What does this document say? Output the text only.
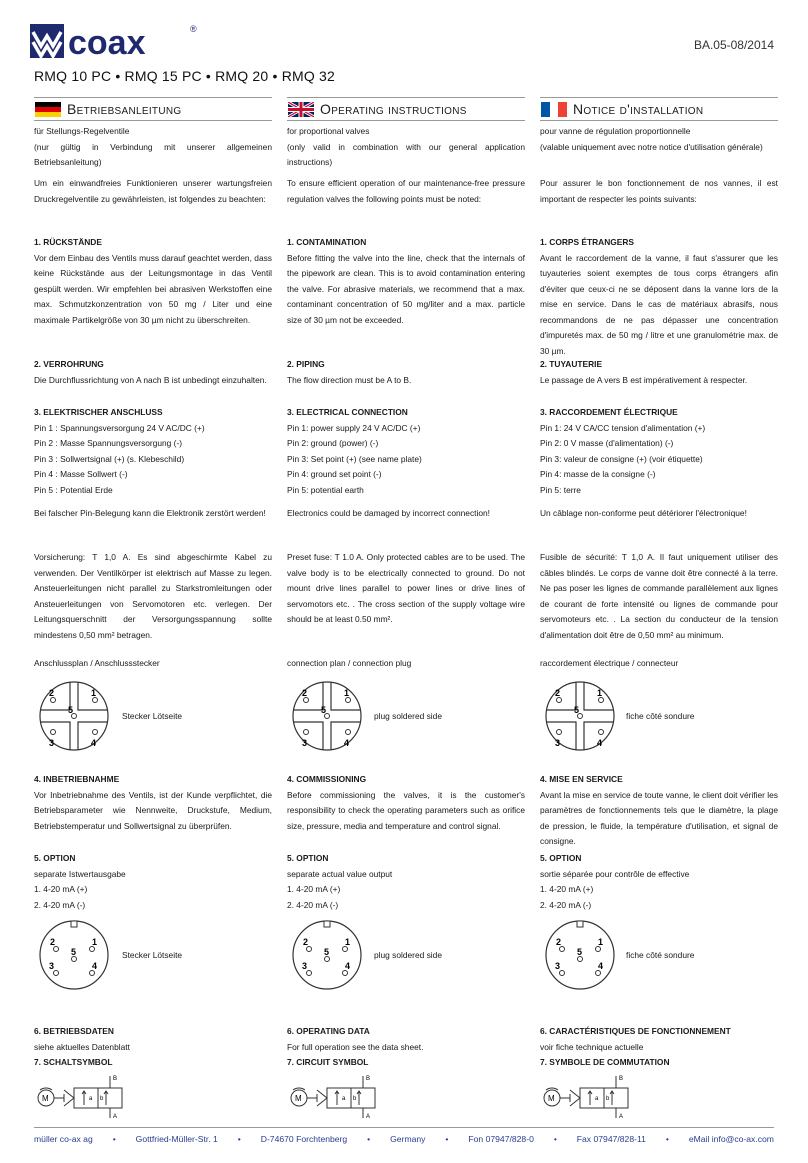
coax	®
BA.05-08/2014
RMQ 10 PC • RMQ 15 PC • RMQ 20 • RMQ 32
Betriebsanleitung	Operating instructions	Notice d'installation

für Stellungs-Regelventile

(nur gültig in Verbindung mit unserer allgemeinen Betriebsanleitung)

Um ein einwandfreies Funktionieren unserer wartungsfreien Druckregelventile zu gewährleisten, ist folgendes zu beachten:

1. RÜCKSTÄNDE

Vor dem Einbau des Ventils muss darauf geachtet werden, dass keine Rückstände aus der Leitungsmontage in das Ventil gespült werden. Wir empfehlen bei abrasiven Werkstoffen eine max. Schmutzkonzentration von 50 mg / Liter und eine maximale Partikelgröße von 30 µm nicht zu überschreiten.

2. VERROHRUNG

Die Durchflussrichtung von A nach B ist unbedingt einzuhalten.

3. ELEKTRISCHER ANSCHLUSS

Pin 1 : Spannungsversorgung 24 V AC/DC (+)

Pin 2 : Masse Spannungsversorgung (-)

Pin 3 : Sollwertsignal (+) (s. Klebeschild)

Pin 4 : Masse Sollwert (-)

Pin 5 : Potential Erde

Bei falscher Pin-Belegung kann die Elektronik zerstört werden!

Vorsicherung: T 1,0 A. Es sind abgeschirmte Kabel zu verwenden. Der Ventilkörper ist elektrisch auf Masse zu legen. Ansteuerleitungen nicht parallel zu Starkstromleitungen oder Ansteuerleitungen von Servomotoren etc. verlegen. Der Leitungsquerschnitt der Versorgungsspannung sollte mindestens 0,50 mm² betragen.

Anschlussplan / Anschlussstecker

4. INBETRIEBNAHME

Vor Inbetriebnahme des Ventils, ist der Kunde verpflichtet, die Betriebsparameter wie Nennweite, Druckstufe, Medium, Betriebstemperatur und Sollwertsignal zu überprüfen.

5. OPTION

separate Istwertausgabe

1. 4-20 mA (+)

2. 4-20 mA (-)

6. BETRIEBSDATEN

siehe aktuelles Datenblatt

7. SCHALTSYMBOL

for proportional valves

(only valid in combination with our general application instructions)

To ensure efficient operation of our maintenance-free pressure regulation valves the following points must be noted:

1. CONTAMINATION

Before fitting the valve into the line, check that the internals of the pipework are clean. This is to avoid contamination entering the valve. For abrasive materials, we recommend that a max. contaminant concentration of 50 mg/liter and a max. particle size of 30 µm not be exceeded.

2. PIPING

The flow direction must be A to B.

3. ELECTRICAL CONNECTION

Pin 1: power supply 24 V AC/DC (+)

Pin 2: ground (power) (-)

Pin 3: Set point (+) (see name plate)

Pin 4: ground set point (-)

Pin 5: potential earth

Electronics could be damaged by incorrect connection!

Preset fuse: T 1.0 A. Only protected cables are to be used. The valve body is to be electrically connected to ground. Do not mount drive lines parallel to power lines or drive lines of servomotors etc. . The cross section of the supply voltage wire should be at least 0.50 mm².

connection plan / connection plug

4. COMMISSIONING

Before commissioning the valves, it is the customer's responsibility to check the operating parameters such as orifice size, pressure, media and temperature and control signal.

5. OPTION

separate actual value output

1. 4-20 mA (+)

2. 4-20 mA (-)

6. OPERATING DATA

For full operation see the data sheet.

7. CIRCUIT SYMBOL

pour vanne de régulation proportionnelle

(valable uniquement avec notre notice d'utilisation générale)

Pour assurer le bon fonctionnement de nos vannes, il est important de respecter les points suivants:

1. CORPS ÉTRANGERS

Avant le raccordement de la vanne, il faut s'assurer que les tuyauteries soient exemptes de tous corps étrangers afin d'éviter que ceux-ci ne se déposent dans la vanne lors de la mise en service. Dans le cas de matériaux abrasifs, nous recommandons de ne pas dépasser une concentration d'impuretés max. de 50 mg / litre et une granulométrie max. de 30 µm.

2. TUYAUTERIE

Le passage de A vers B est impérativement à respecter.

3. RACCORDEMENT ÉLECTRIQUE

Pin 1: 24 V CA/CC tension d'alimentation (+)

Pin 2: 0 V masse (d'alimentation) (-)

Pin 3: valeur de consigne (+) (voir étiquette)

Pin 4: masse de la consigne (-)

Pin 5: terre

Un câblage non-conforme peut détériorer l'électronique!

Fusible de sécurité: T 1,0 A. Il faut uniquement utiliser des câbles blindés. Le corps de vanne doit être connecté à la terre. Ne pas poser les lignes de commande parallèlement aux lignes de courant de forte intensité ou lignes de commande pour servomoteurs etc. . La section du conducteur de la tension d'alimentation doit être de 0,50 mm² au minimum.

raccordement électrique / connecteur

4. MISE EN SERVICE

Avant la mise en service de toute vanne, le client doit vérifier les paramètres de fonctionnements tels que le diamètre, la plage de pression, le fluide, la température d'utilisation, et signal de consigne.

5. OPTION

sortie séparée pour contrôle de effective

1. 4-20 mA (+)

2. 4-20 mA (-)

6. CARACTÉRISTIQUES DE FONCTIONNEMENT

voir fiche technique actuelle

7. SYMBOLE DE COMMUTATION

2	1
5
3	4
Stecker Lötseite
2	1
5
3	4
plug soldered side
2	1
5
3	4
fiche côté sondure
2	1
5
3	4
Stecker Lötseite
2	1
5
3	4
plug soldered side
2	1
5
3	4
fiche côté sondure
M	a b
B
A
M	a b
B
A
M	a b
B
A
müller co-ax ag • Gottfried-Müller-Str. 1 • D-74670 Forchtenberg • Germany • Fon 07947/828-0 • Fax 07947/828-11 • eMail info@co-ax.com
